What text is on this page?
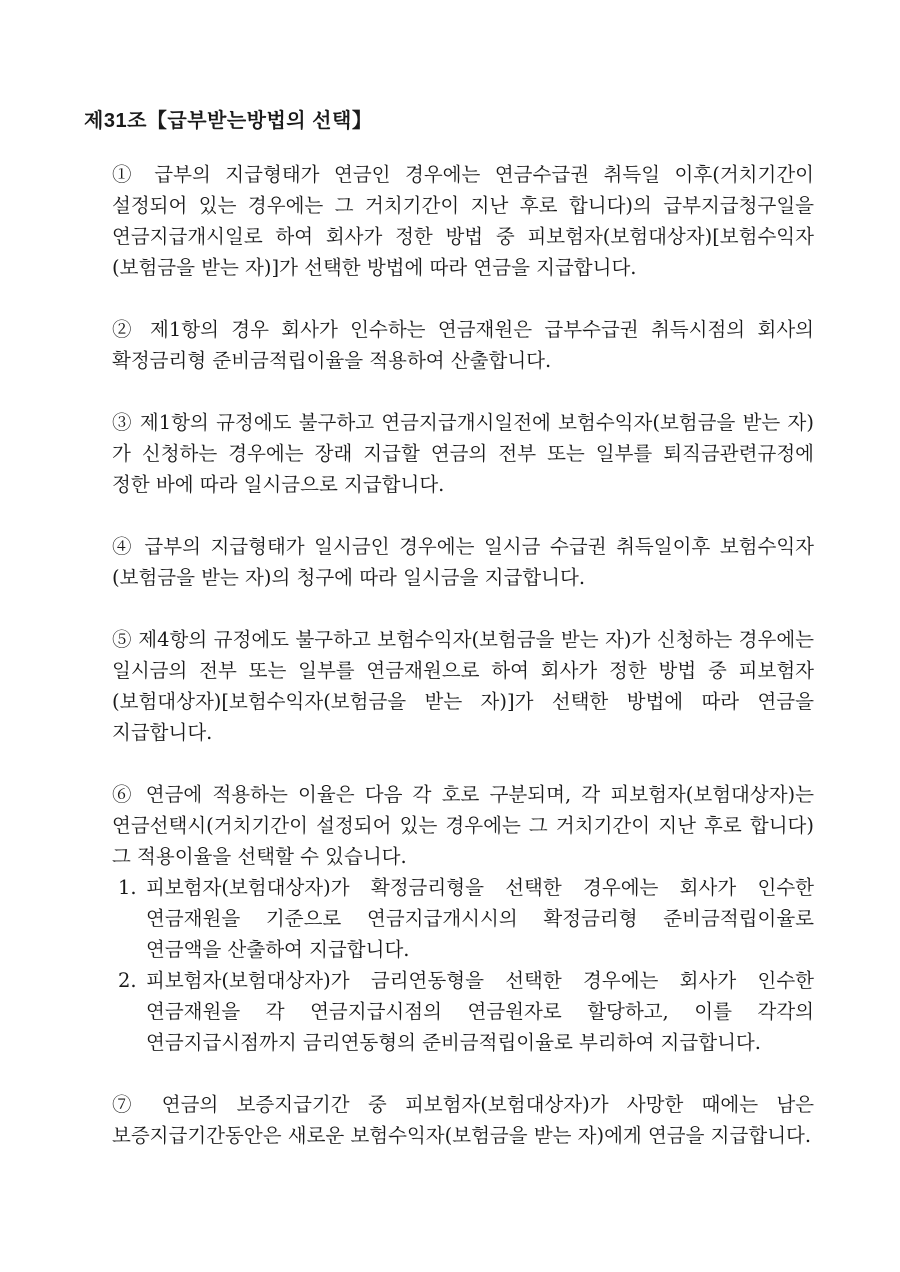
제31조【급부받는방법의 선택】

① 급부의 지급형태가 연금인 경우에는 연금수급권 취득일 이후(거치기간이 설정되어 있는 경우에는 그 거치기간이 지난 후로 합니다)의 급부지급청구일을 연금지급개시일로 하여 회사가 정한 방법 중 피보험자(보험대상자)[보험수익자(보험금을 받는 자)]가 선택한 방법에 따라 연금을 지급합니다.

② 제1항의 경우 회사가 인수하는 연금재원은 급부수급권 취득시점의 회사의 확정금리형 준비금적립이율을 적용하여 산출합니다.

③ 제1항의 규정에도 불구하고 연금지급개시일전에 보험수익자(보험금을 받는 자)가 신청하는 경우에는 장래 지급할 연금의 전부 또는 일부를 퇴직금관련규정에 정한 바에 따라 일시금으로 지급합니다.

④ 급부의 지급형태가 일시금인 경우에는 일시금 수급권 취득일이후 보험수익자(보험금을 받는 자)의 청구에 따라 일시금을 지급합니다.

⑤ 제4항의 규정에도 불구하고 보험수익자(보험금을 받는 자)가 신청하는 경우에는 일시금의 전부 또는 일부를 연금재원으로 하여 회사가 정한 방법 중 피보험자(보험대상자)[보험수익자(보험금을 받는 자)]가 선택한 방법에 따라 연금을 지급합니다.

⑥ 연금에 적용하는 이율은 다음 각 호로 구분되며, 각 피보험자(보험대상자)는 연금선택시(거치기간이 설정되어 있는 경우에는 그 거치기간이 지난 후로 합니다) 그 적용이율을 선택할 수 있습니다.

1. 피보험자(보험대상자)가 확정금리형을 선택한 경우에는 회사가 인수한 연금재원을 기준으로 연금지급개시시의 확정금리형 준비금적립이율로 연금액을 산출하여 지급합니다.
2. 피보험자(보험대상자)가 금리연동형을 선택한 경우에는 회사가 인수한 연금재원을 각 연금지급시점의 연금원자로 할당하고, 이를 각각의 연금지급시점까지 금리연동형의 준비금적립이율로 부리하여 지급합니다.

⑦ 연금의 보증지급기간 중 피보험자(보험대상자)가 사망한 때에는 남은 보증지급기간동안은 새로운 보험수익자(보험금을 받는 자)에게 연금을 지급합니다.
